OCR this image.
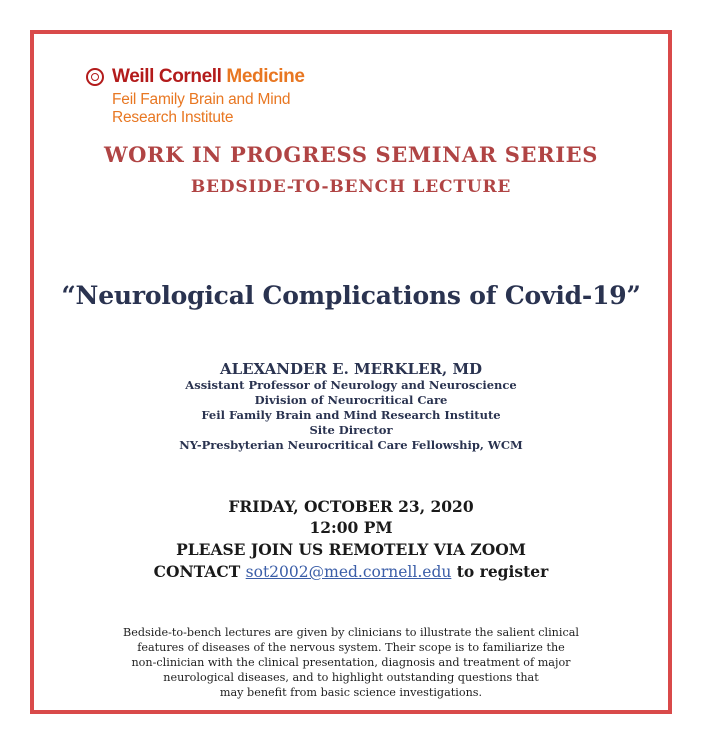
Weill Cornell Medicine
Feil Family Brain and Mind
Research Institute
WORK IN PROGRESS SEMINAR SERIES
BEDSIDE-TO-BENCH LECTURE
“Neurological Complications of Covid-19”
ALEXANDER E. MERKLER, MD
Assistant Professor of Neurology and Neuroscience
Division of Neurocritical Care
Feil Family Brain and Mind Research Institute
Site Director
NY-Presbyterian Neurocritical Care Fellowship, WCM
FRIDAY, OCTOBER 23, 2020
12:00 PM
PLEASE JOIN US REMOTELY VIA ZOOM
CONTACT sot2002@med.cornell.edu to register
Bedside-to-bench lectures are given by clinicians to illustrate the salient clinical
features of diseases of the nervous system. Their scope is to familiarize the
non-clinician with the clinical presentation, diagnosis and treatment of major
neurological diseases, and to highlight outstanding questions that
may benefit from basic science investigations.
